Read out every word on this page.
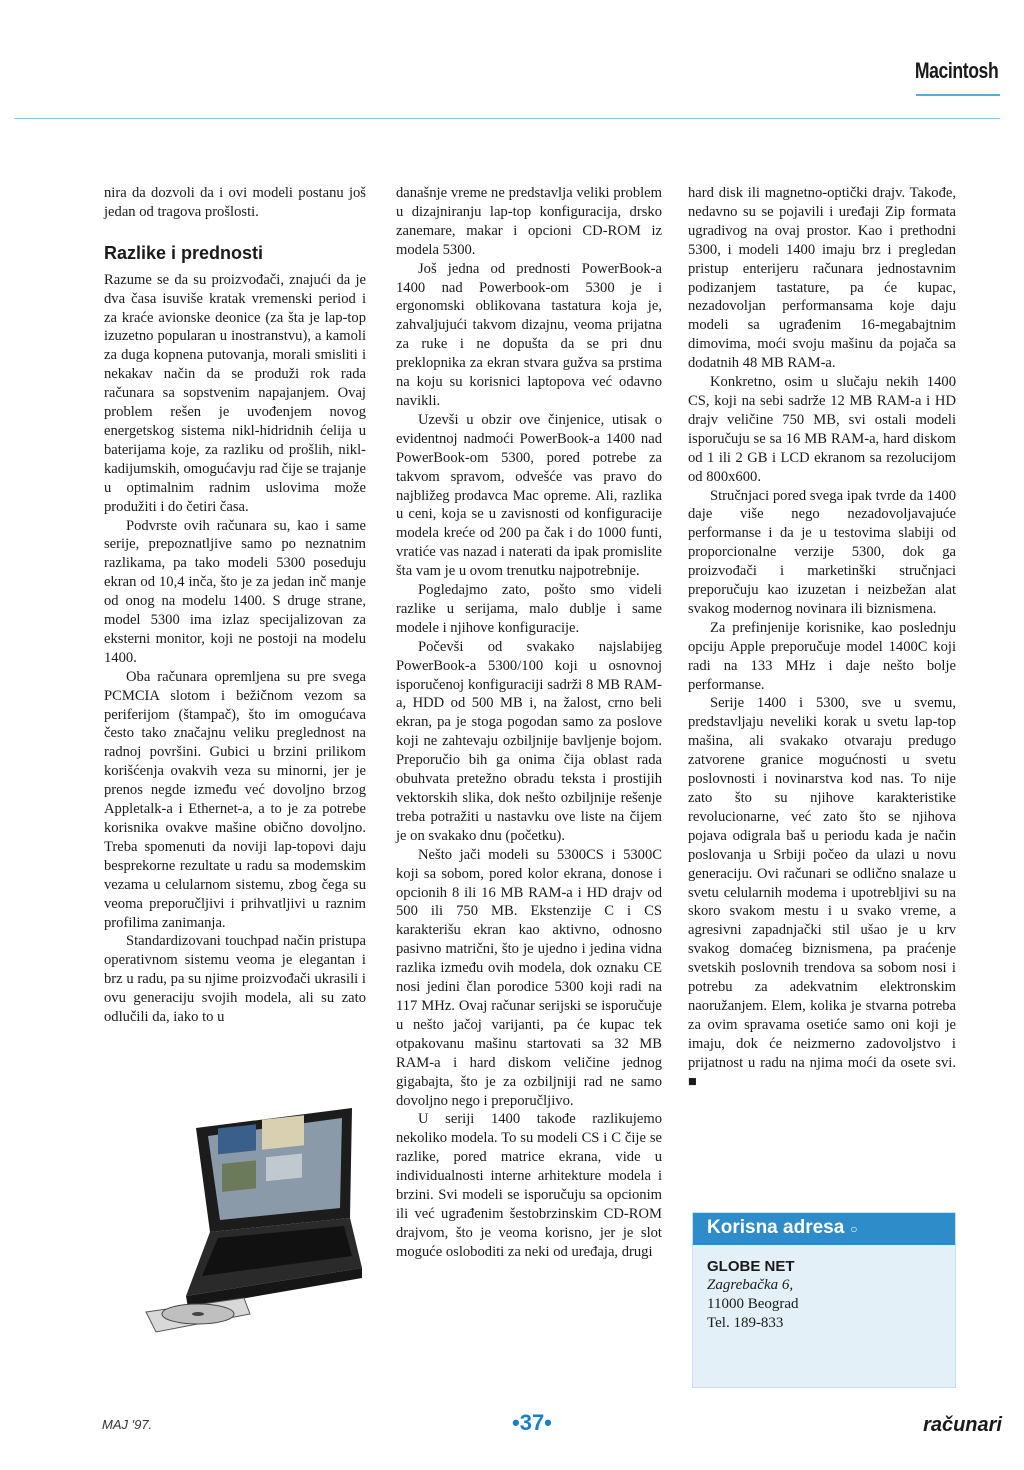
Macintosh

nira da dozvoli da i ovi modeli postanu još jedan od tragova prošlosti.

Razlike i prednosti

Razume se da su proizvođači, znajući da je dva časa isuviše kratak vremenski period i za kraće avionske deonice (za šta je lap-top izuzetno popularan u inostranstvu), a kamoli za duga kopnena putovanja, morali smisliti i nekakav način da se produži rok rada računara sa sopstvenim napajanjem. Ovaj problem rešen je uvođenjem novog energetskog sistema nikl-hidridnih ćelija u baterijama koje, za razliku od prošlih, nikl-kadijumskih, omogućavju rad čije se trajanje u optimalnim radnim uslovima može produžiti i do četiri časa.

Podvrste ovih računara su, kao i same serije, prepoznatljive samo po neznatnim razlikama, pa tako modeli 5300 poseduju ekran od 10,4 inča, što je za jedan inč manje od onog na modelu 1400. S druge strane, model 5300 ima izlaz specijalizovan za eksterni monitor, koji ne postoji na modelu 1400.

Oba računara opremljena su pre svega PCMCIA slotom i bežičnom vezom sa periferijom (štampač), što im omogućava često tako značajnu veliku preglednost na radnoj površini. Gubici u brzini prilikom korišćenja ovakvih veza su minorni, jer je prenos negde između već dovoljno brzog Appletalk-a i Ethernet-a, a to je za potrebe korisnika ovakve mašine obično dovoljno. Treba spomenuti da noviji lap-topovi daju besprekorne rezultate u radu sa modemskim vezama u celularnom sistemu, zbog čega su veoma preporučljivi i prihvatljivi u raznim profilima zanimanja.

Standardizovani touchpad način pristupa operativnom sistemu veoma je elegantan i brz u radu, pa su njime proizvođači ukrasili i ovu generaciju svojih modela, ali su zato odlučili da, iako to u

današnje vreme ne predstavlja veliki problem u dizajniranju lap-top konfiguracija, drsko zanemare, makar i opcioni CD-ROM iz modela 5300.

Još jedna od prednosti PowerBook-a 1400 nad Powerbook-om 5300 je i ergonomski oblikovana tastatura koja je, zahvaljujući takvom dizajnu, veoma prijatna za ruke i ne dopušta da se pri dnu preklopnika za ekran stvara gužva sa prstima na koju su korisnici laptopova već odavno navikli.

Uzevši u obzir ove činjenice, utisak o evidentnoj nadmoći PowerBook-a 1400 nad PowerBook-om 5300, pored potrebe za takvom spravom, odvešće vas pravo do najbližeg prodavca Mac opreme. Ali, razlika u ceni, koja se u zavisnosti od konfiguracije modela kreće od 200 pa čak i do 1000 funti, vratiće vas nazad i naterati da ipak promislite šta vam je u ovom trenutku najpotrebnije.

Pogledajmo zato, pošto smo videli razlike u serijama, malo dublje i same modele i njihove konfiguracije.

Počevši od svakako najslabijeg PowerBook-a 5300/100 koji u osnovnoj isporučenoj konfiguraciji sadrži 8 MB RAM-a, HDD od 500 MB i, na žalost, crno beli ekran, pa je stoga pogodan samo za poslove koji ne zahtevaju ozbiljnije bavljenje bojom. Preporučio bih ga onima čija oblast rada obuhvata pretežno obradu teksta i prostijih vektorskih slika, dok nešto ozbiljnije rešenje treba potražiti u nastavku ove liste na čijem je on svakako dnu (početku).

Nešto jači modeli su 5300CS i 5300C koji sa sobom, pored kolor ekrana, donose i opcionih 8 ili 16 MB RAM-a i HD drajv od 500 ili 750 MB. Ekstenzije C i CS karakterišu ekran kao aktivno, odnosno pasivno matrični, što je ujedno i jedina vidna razlika između ovih modela, dok oznaku CE nosi jedini član porodice 5300 koji radi na 117 MHz. Ovaj računar serijski se isporučuje u nešto jačoj varijanti, pa će kupac tek otpakovanu mašinu startovati sa 32 MB RAM-a i hard diskom veličine jednog gigabajta, što je za ozbiljniji rad ne samo dovoljno nego i preporučljivo.

U seriji 1400 takođe razlikujemo nekoliko modela. To su modeli CS i C čije se razlike, pored matrice ekrana, vide u individualnosti interne arhitekture modela i brzini. Svi modeli se isporučuju sa opcionim ili već ugrađenim šestobrzinskim CD-ROM drajvom, što je veoma korisno, jer je slot moguće osloboditi za neki od uređaja, drugi

hard disk ili magnetno-optički drajv. Takođe, nedavno su se pojavili i uređaji Zip formata ugradivog na ovaj prostor. Kao i prethodni 5300, i modeli 1400 imaju brz i pregledan pristup enterijeru računara jednostavnim podizanjem tastature, pa će kupac, nezadovoljan performansama koje daju modeli sa ugrađenim 16-megabajtnim dimovima, moći svoju mašinu da pojača sa dodatnih 48 MB RAM-a.

Konkretno, osim u slučaju nekih 1400 CS, koji na sebi sadrže 12 MB RAM-a i HD drajv veličine 750 MB, svi ostali modeli isporučuju se sa 16 MB RAM-a, hard diskom od 1 ili 2 GB i LCD ekranom sa rezolucijom od 800x600.

Stručnjaci pored svega ipak tvrde da 1400 daje više nego nezadovoljavajuće performanse i da je u testovima slabiji od proporcionalne verzije 5300, dok ga proizvođači i marketinški stručnjaci preporučuju kao izuzetan i neizbežan alat svakog modernog novinara ili biznismena.

Za prefinjenije korisnike, kao poslednju opciju Apple preporučuje model 1400C koji radi na 133 MHz i daje nešto bolje performanse.

Serije 1400 i 5300, sve u svemu, predstavljaju neveliki korak u svetu lap-top mašina, ali svakako otvaraju predugo zatvorene granice mogućnosti u svetu poslovnosti i novinarstva kod nas. To nije zato što su njihove karakteristike revolucionarne, već zato što se njihova pojava odigrala baš u periodu kada je način poslovanja u Srbiji počeo da ulazi u novu generaciju. Ovi računari se odlično snalaze u svetu celularnih modema i upotrebljivi su na skoro svakom mestu i u svako vreme, a agresivni zapadnjački stil ušao je u krv svakog domaćeg biznismena, pa praćenje svetskih poslovnih trendova sa sobom nosi i potrebu za adekvatnim elektronskim naoružanjem. Elem, kolika je stvarna potreba za ovim spravama osetiće samo oni koji je imaju, dok će neizmerno zadovoljstvo i prijatnost u radu na njima moći da osete svi. ■

Korisna adresa ○
GLOBE NET
Zagrebačka 6,
11000 Beograd
Tel. 189-833
MAJ '97.	•37•	računari
